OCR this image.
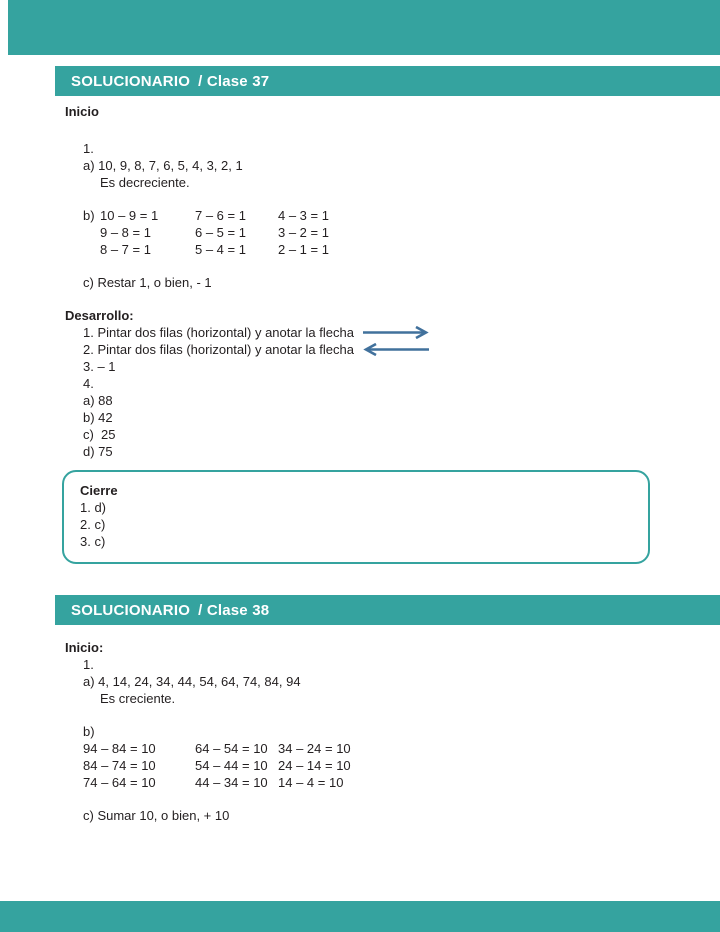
SOLUCIONARIO / Clase 37
Inicio
1.
a) 10, 9, 8, 7, 6, 5, 4, 3, 2, 1
Es decreciente.
b) 10 – 9 = 1	7 – 6 = 1	4 – 3 = 1
9 – 8 = 1	6 – 5 = 1	3 – 2 = 1
8 – 7 = 1	5 – 4 = 1	2 – 1 = 1
c) Restar 1, o bien, - 1
Desarrollo:
1. Pintar dos filas (horizontal) y anotar la flecha
2. Pintar dos filas (horizontal) y anotar la flecha
3. – 1
4.
a) 88
b) 42
c)  25
d) 75
Cierre
1. d)
2. c)
3. c)
SOLUCIONARIO / Clase 38
Inicio:
1.
a) 4, 14, 24, 34, 44, 54, 64, 74, 84, 94
Es creciente.
b)
94 – 84 = 10	64 – 54 = 10 34 – 24 = 10
84 – 74 = 10	54 – 44 = 10 24 – 14 = 10
74 – 64 = 10	44 – 34 = 10 14 – 4 = 10
c) Sumar 10, o bien, + 10
